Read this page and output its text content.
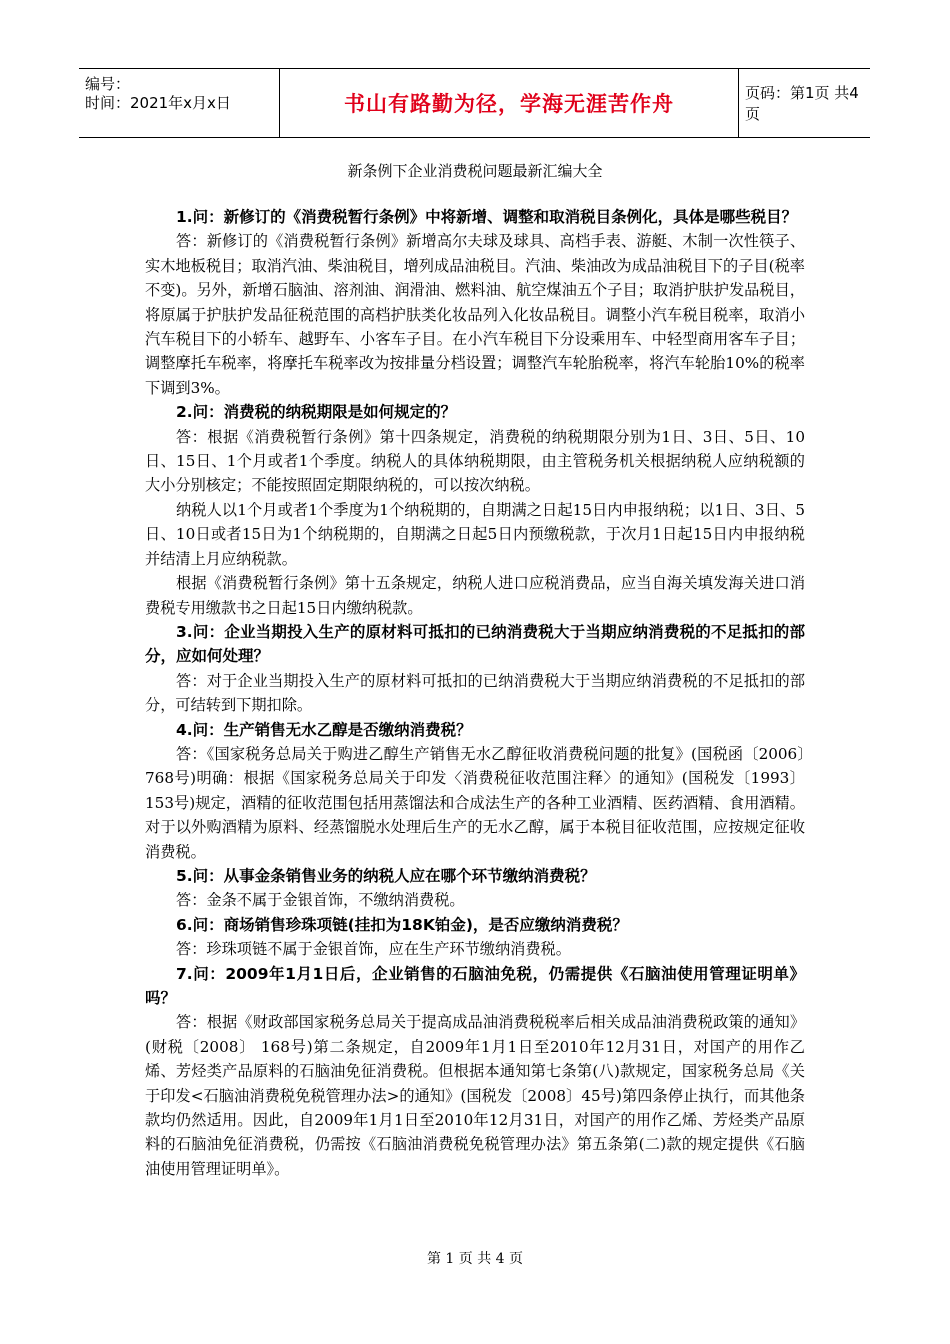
编号：
时间：2021年x月x日	书山有路勤为径，学海无涯苦作舟	页码：第1页 共4页
新条例下企业消费税问题最新汇编大全

1.问：新修订的《消费税暂行条例》中将新增、调整和取消税目条例化，具体是哪些税目？

答：新修订的《消费税暂行条例》新增高尔夫球及球具、高档手表、游艇、木制一次性筷子、实木地板税目；取消汽油、柴油税目，增列成品油税目。汽油、柴油改为成品油税目下的子目(税率不变)。另外，新增石脑油、溶剂油、润滑油、燃料油、航空煤油五个子目；取消护肤护发品税目，将原属于护肤护发品征税范围的高档护肤类化妆品列入化妆品税目。调整小汽车税目税率，取消小汽车税目下的小轿车、越野车、小客车子目。在小汽车税目下分设乘用车、中轻型商用客车子目；调整摩托车税率，将摩托车税率改为按排量分档设置；调整汽车轮胎税率，将汽车轮胎10%的税率下调到3%。

2.问：消费税的纳税期限是如何规定的？

答：根据《消费税暂行条例》第十四条规定，消费税的纳税期限分别为1日、3日、5日、10日、15日、1个月或者1个季度。纳税人的具体纳税期限，由主管税务机关根据纳税人应纳税额的大小分别核定；不能按照固定期限纳税的，可以按次纳税。

纳税人以1个月或者1个季度为1个纳税期的，自期满之日起15日内申报纳税；以1日、3日、5日、10日或者15日为1个纳税期的，自期满之日起5日内预缴税款，于次月1日起15日内申报纳税并结清上月应纳税款。

根据《消费税暂行条例》第十五条规定，纳税人进口应税消费品，应当自海关填发海关进口消费税专用缴款书之日起15日内缴纳税款。

3.问：企业当期投入生产的原材料可抵扣的已纳消费税大于当期应纳消费税的不足抵扣的部分，应如何处理？

答：对于企业当期投入生产的原材料可抵扣的已纳消费税大于当期应纳消费税的不足抵扣的部分，可结转到下期扣除。

4.问：生产销售无水乙醇是否缴纳消费税？

答：《国家税务总局关于购进乙醇生产销售无水乙醇征收消费税问题的批复》(国税函〔2006〕768号)明确：根据《国家税务总局关于印发〈消费税征收范围注释〉的通知》(国税发〔1993〕153号)规定，酒精的征收范围包括用蒸馏法和合成法生产的各种工业酒精、医药酒精、食用酒精。对于以外购酒精为原料、经蒸馏脱水处理后生产的无水乙醇，属于本税目征收范围，应按规定征收消费税。

5.问：从事金条销售业务的纳税人应在哪个环节缴纳消费税？

答：金条不属于金银首饰，不缴纳消费税。

6.问：商场销售珍珠项链(挂扣为18K铂金)，是否应缴纳消费税？

答：珍珠项链不属于金银首饰，应在生产环节缴纳消费税。

7.问：2009年1月1日后，企业销售的石脑油免税，仍需提供《石脑油使用管理证明单》吗？

答：根据《财政部国家税务总局关于提高成品油消费税税率后相关成品油消费税政策的通知》(财税〔2008〕 168号)第二条规定，自2009年1月1日至2010年12月31日，对国产的用作乙烯、芳烃类产品原料的石脑油免征消费税。但根据本通知第七条第(八)款规定，国家税务总局《关于印发<石脑油消费税免税管理办法>的通知》(国税发〔2008〕45号)第四条停止执行，而其他条款均仍然适用。因此，自2009年1月1日至2010年12月31日，对国产的用作乙烯、芳烃类产品原料的石脑油免征消费税，仍需按《石脑油消费税免税管理办法》第五条第(二)款的规定提供《石脑油使用管理证明单》。

第 1 页 共 4 页
